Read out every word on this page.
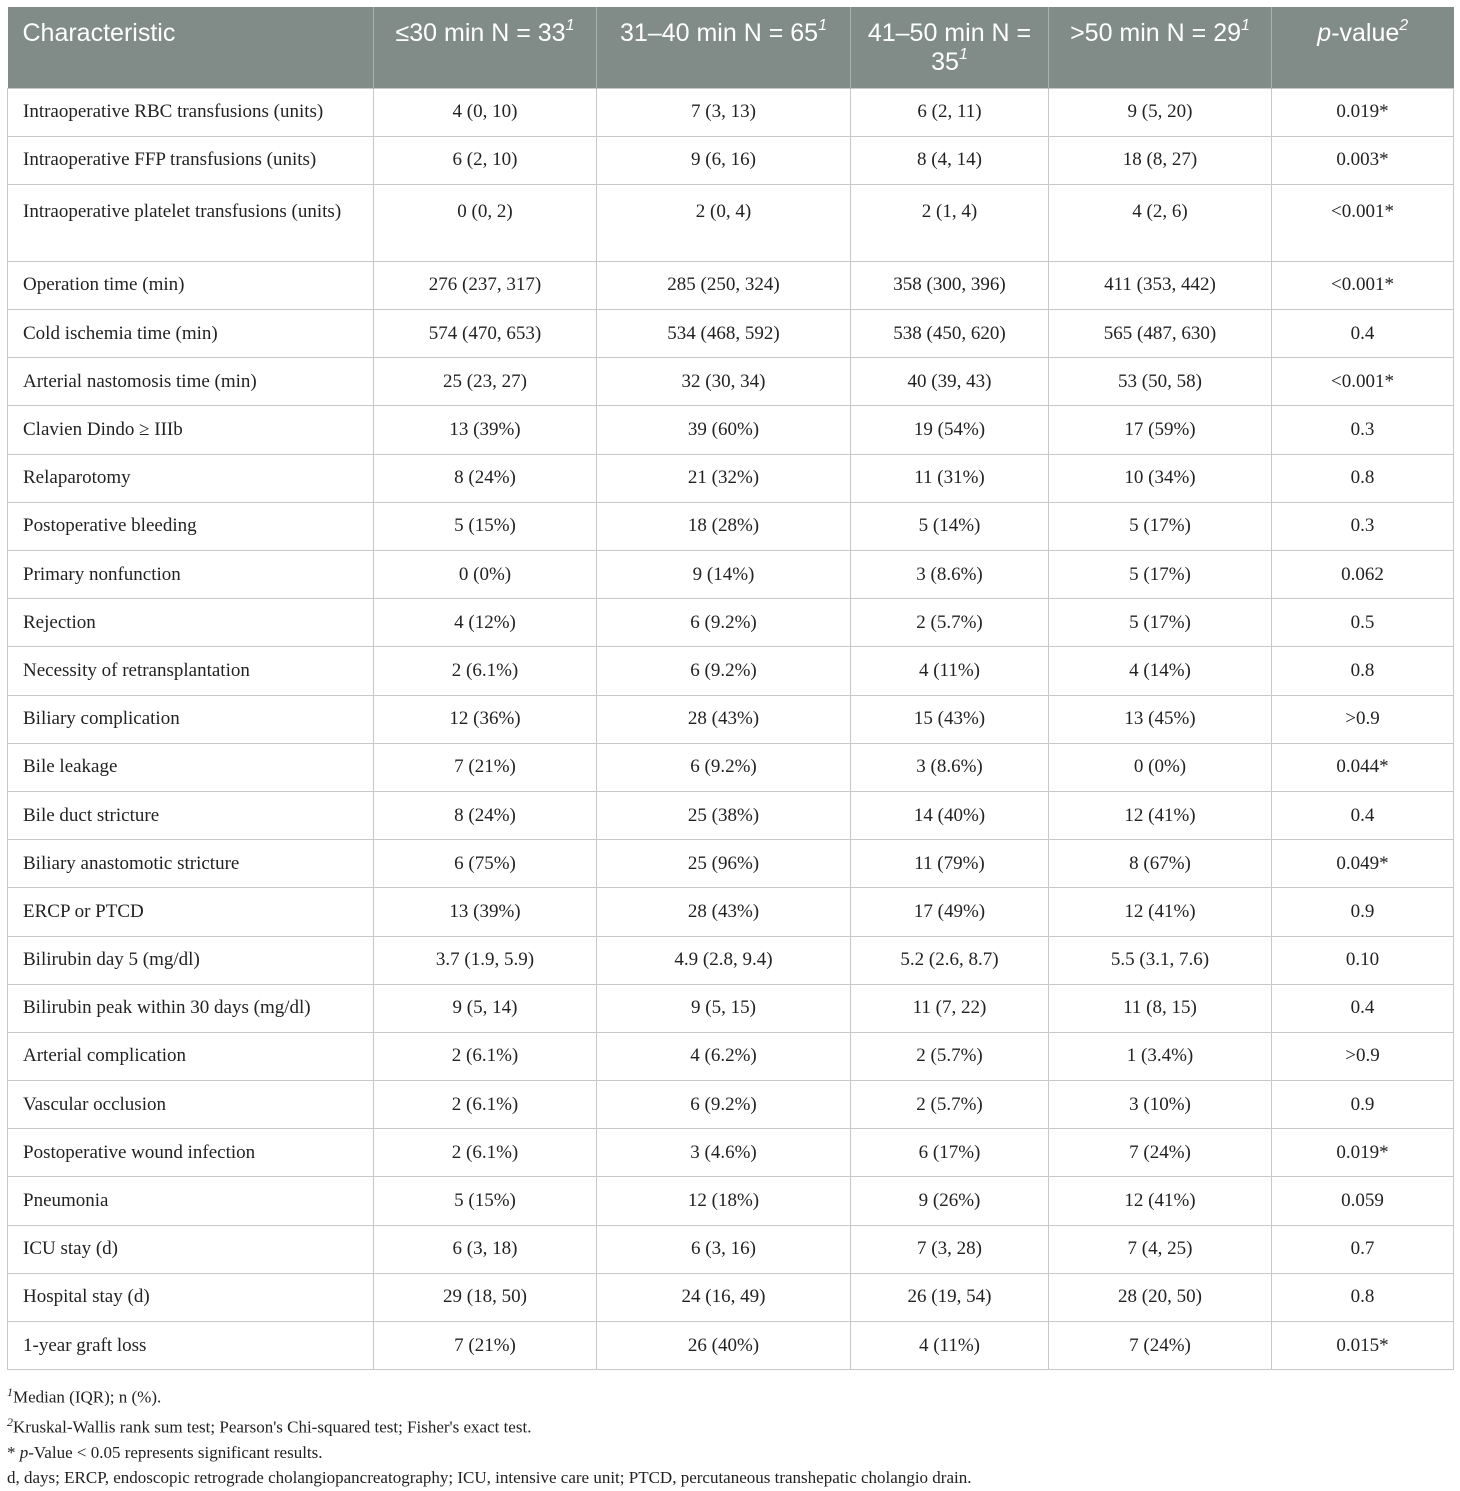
Characteristic	≤30 $\min N = 33^1$	31–40 $\min N = 65^1$	41–50 $\min N = 35^1$	>50 $\min N = 29^1$	p-value$^2$
Intraoperative RBC transfusions (units)	4 (0, 10)	7 (3, 13)	6 (2, 11)	9 (5, 20)	0.019*
Intraoperative FFP transfusions (units)	6 (2, 10)	9 (6, 16)	8 (4, 14)	18 (8, 27)	0.003*
Intraoperative platelet transfusions (units)	0 (0, 2)	2 (0, 4)	2 (1, 4)	4 (2, 6)	<0.001*
Operation time (min)	276 (237, 317)	285 (250, 324)	358 (300, 396)	411 (353, 442)	<0.001*
Cold ischemia time (min)	574 (470, 653)	534 (468, 592)	538 (450, 620)	565 (487, 630)	0.4
Arterial nastomosis time (min)	25 (23, 27)	32 (30, 34)	40 (39, 43)	53 (50, 58)	<0.001*
Clavien Dindo ≥ IIIb	13 (39%)	39 (60%)	19 (54%)	17 (59%)	0.3
Relaparotomy	8 (24%)	21 (32%)	11 (31%)	10 (34%)	0.8
Postoperative bleeding	5 (15%)	18 (28%)	5 (14%)	5 (17%)	0.3
Primary nonfunction	0 (0%)	9 (14%)	3 (8.6%)	5 (17%)	0.062
Rejection	4 (12%)	6 (9.2%)	2 (5.7%)	5 (17%)	0.5
Necessity of retransplantation	2 (6.1%)	6 (9.2%)	4 (11%)	4 (14%)	0.8
Biliary complication	12 (36%)	28 (43%)	15 (43%)	13 (45%)	>0.9
Bile leakage	7 (21%)	6 (9.2%)	3 (8.6%)	0 (0%)	0.044*
Bile duct stricture	8 (24%)	25 (38%)	14 (40%)	12 (41%)	0.4
Biliary anastomotic stricture	6 (75%)	25 (96%)	11 (79%)	8 (67%)	0.049*
ERCP or PTCD	13 (39%)	28 (43%)	17 (49%)	12 (41%)	0.9
Bilirubin day 5 (mg/dl)	3.7 (1.9, 5.9)	4.9 (2.8, 9.4)	5.2 (2.6, 8.7)	5.5 (3.1, 7.6)	0.10
Bilirubin peak within 30 days (mg/dl)	9 (5, 14)	9 (5, 15)	11 (7, 22)	11 (8, 15)	0.4
Arterial complication	2 (6.1%)	4 (6.2%)	2 (5.7%)	1 (3.4%)	>0.9
Vascular occlusion	2 (6.1%)	6 (9.2%)	2 (5.7%)	3 (10%)	0.9
Postoperative wound infection	2 (6.1%)	3 (4.6%)	6 (17%)	7 (24%)	0.019*
Pneumonia	5 (15%)	12 (18%)	9 (26%)	12 (41%)	0.059
ICU stay (d)	6 (3, 18)	6 (3, 16)	7 (3, 28)	7 (4, 25)	0.7
Hospital stay (d)	29 (18, 50)	24 (16, 49)	26 (19, 54)	28 (20, 50)	0.8
1-year graft loss	7 (21%)	26 (40%)	4 (11%)	7 (24%)	0.015*
$^1$Median (IQR); n (%).
$^2$Kruskal-Wallis rank sum test; Pearson's Chi-squared test; Fisher's exact test.
* p-Value < 0.05 represents significant results.
d, days; ERCP, endoscopic retrograde cholangiopancreatography; ICU, intensive care unit; PTCD, percutaneous transhepatic cholangio drain.
